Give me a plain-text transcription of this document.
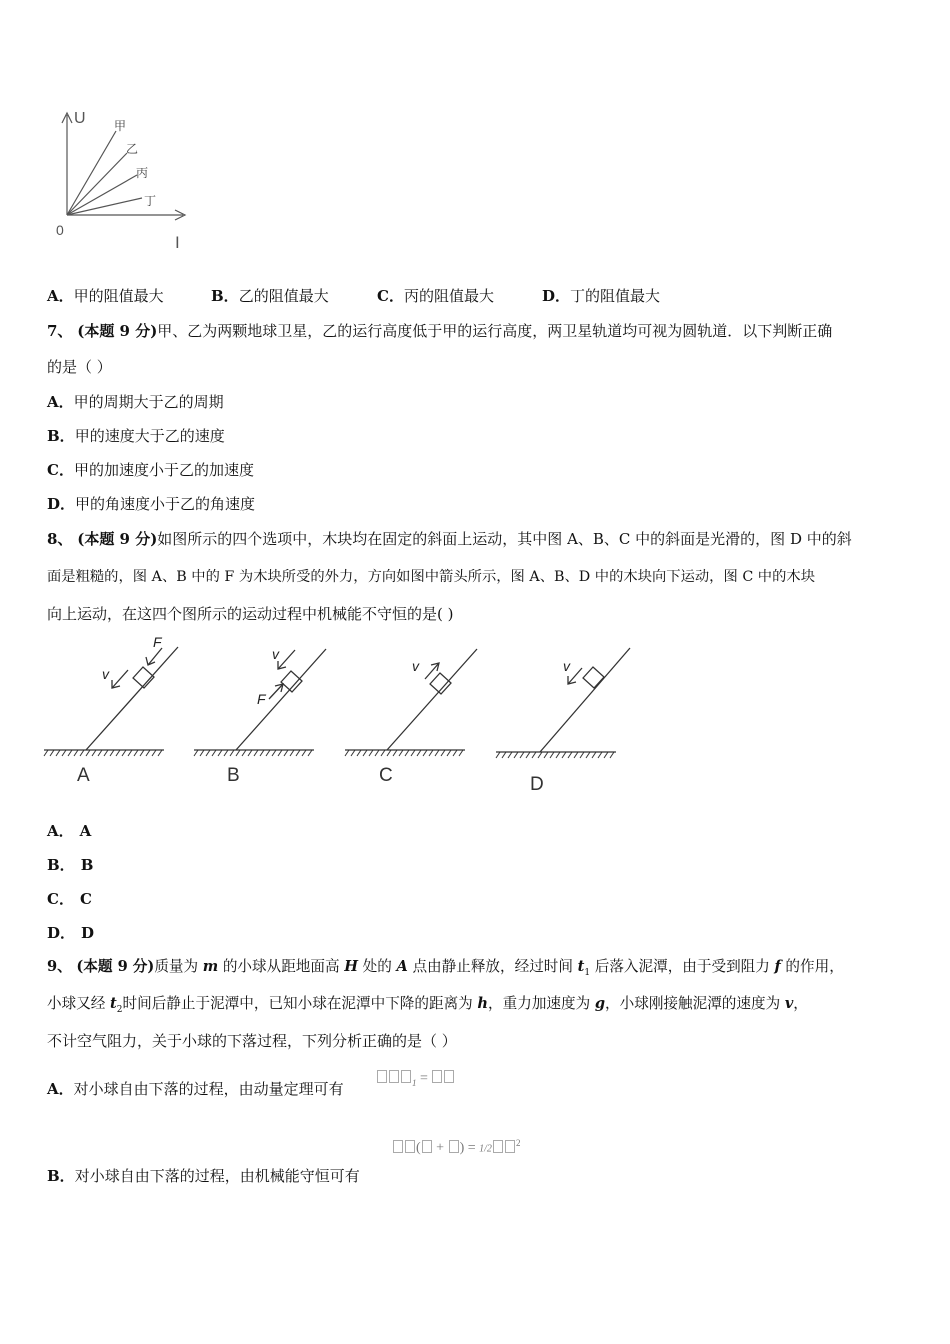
U
I
0
甲
乙
丙
丁
A．甲的阻值最大	B．乙的阻值最大	C．丙的阻值最大	D．丁的阻值最大
7、 (本题 9 分)甲、乙为两颗地球卫星，乙的运行高度低于甲的运行高度，两卫星轨道均可视为圆轨道．以下判断正确
的是（ ）
A．甲的周期大于乙的周期
B．甲的速度大于乙的速度
C．甲的加速度小于乙的加速度
D．甲的角速度小于乙的角速度
8、 (本题 9 分)如图所示的四个选项中，木块均在固定的斜面上运动，其中图 A、B、C 中的斜面是光滑的，图 D 中的斜
面是粗糙的，图 A、B 中的 F 为木块所受的外力，方向如图中箭头所示，图 A、B、D 中的木块向下运动，图 C 中的木块
向上运动，在这四个图所示的运动过程中机械能不守恒的是( )
F
v
A
F
v
B
v
C
v
D
A． A
B． B
C． C
D． D
9、 (本题 9 分)质量为 m 的小球从距地面高 H 处的 A 点由静止释放，经过时间 $t_1$ 后落入泥潭，由于受到阻力 f 的作用，
小球又经 $t_2$时间后静止于泥潭中，已知小球在泥潭中下降的距离为 h，重力加速度为 g，小球刚接触泥潭的速度为 v，
不计空气阻力，关于小球的下落过程，下列分析正确的是（ ）
A．对小球自由下落的过程，由动量定理可有	$_1$ =
( + ) = $1/2^2$
B．对小球自由下落的过程，由机械能守恒可有
